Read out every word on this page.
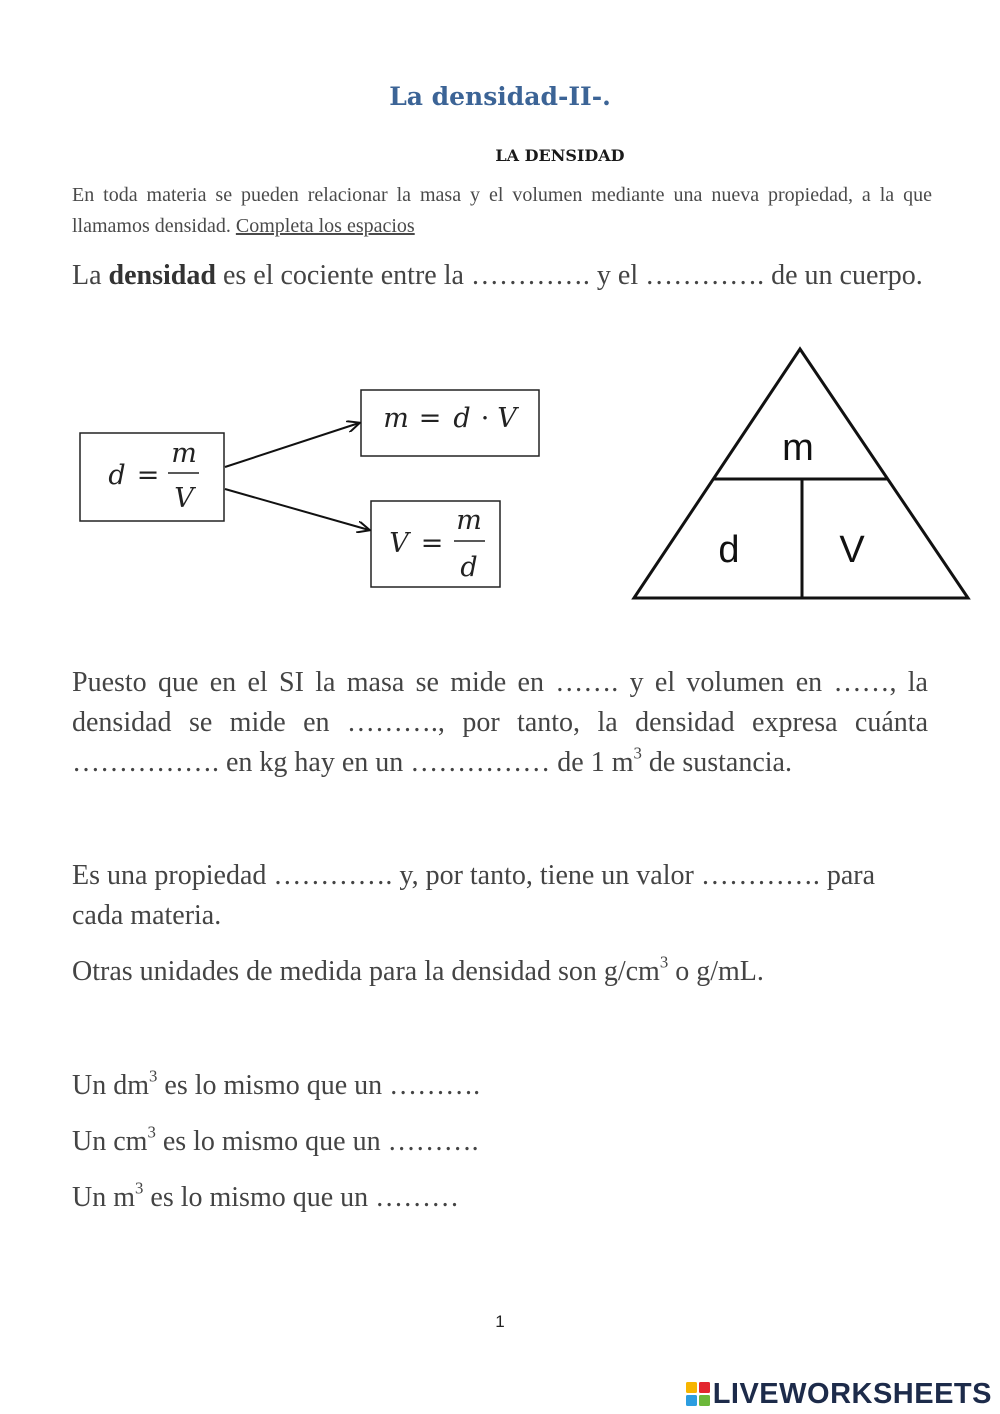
La densidad-II-.
LA DENSIDAD
En toda materia se pueden relacionar la masa y el volumen mediante una nueva propiedad, a la que llamamos densidad. Completa los espacios
La densidad es el cociente entre la …………. y el …………. de un cuerpo.
d =
m
V
m = d · V
V =
m
d
m
d	V
Puesto que en el SI la masa se mide en ……. y el volumen en ……, la densidad se mide en ………., por tanto, la densidad expresa cuánta ……………. en kg hay en un …………… de 1 $m^3$ de sustancia.
Es una propiedad …………. y, por tanto, tiene un valor …………. para cada materia.
Otras unidades de medida para la densidad son $g/cm^3$ o g/mL.
Un $dm^3$ es lo mismo que un ……….
Un $cm^3$ es lo mismo que un ……….
Un $m^3$ es lo mismo que un ………
1
LIVEWORKSHEETS
